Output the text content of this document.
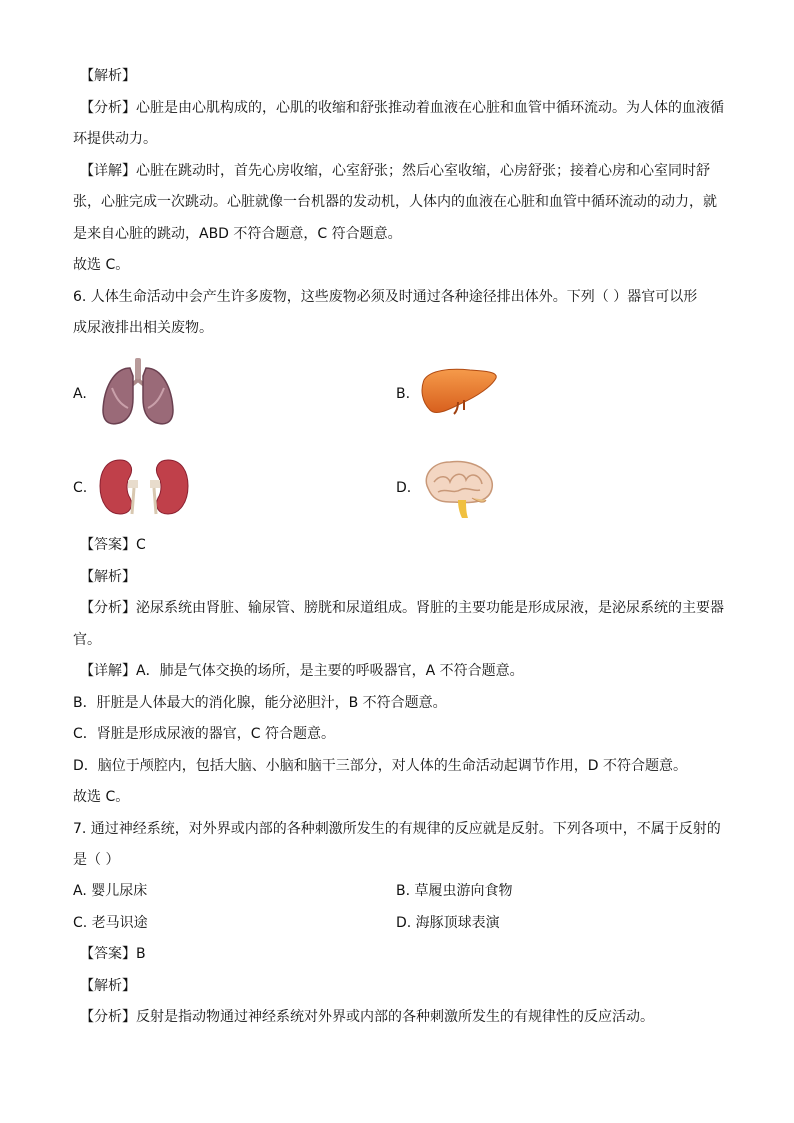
【解析】
【分析】心脏是由心肌构成的，心肌的收缩和舒张推动着血液在心脏和血管中循环流动。为人体的血液循
环提供动力。
【详解】心脏在跳动时，首先心房收缩，心室舒张；然后心室收缩，心房舒张；接着心房和心室同时舒
张，心脏完成一次跳动。心脏就像一台机器的发动机，人体内的血液在心脏和血管中循环流动的动力，就
是来自心脏的跳动，ABD 不符合题意，C 符合题意。
故选 C。
6. 人体生命活动中会产生许多废物，这些废物必须及时通过各种途径排出体外。下列（ ）器官可以形
成尿液排出相关废物。
A.	B.
C.	D.
【答案】C
【解析】
【分析】泌尿系统由肾脏、输尿管、膀胱和尿道组成。肾脏的主要功能是形成尿液，是泌尿系统的主要器
官。
【详解】A．肺是气体交换的场所，是主要的呼吸器官，A 不符合题意。
B．肝脏是人体最大的消化腺，能分泌胆汁，B 不符合题意。
C．肾脏是形成尿液的器官，C 符合题意。
D．脑位于颅腔内，包括大脑、小脑和脑干三部分，对人体的生命活动起调节作用，D 不符合题意。
故选 C。
7. 通过神经系统，对外界或内部的各种刺激所发生的有规律的反应就是反射。下列各项中，不属于反射的
是（ ）
A. 婴儿尿床	B. 草履虫游向食物
C. 老马识途	D. 海豚顶球表演
【答案】B
【解析】
【分析】反射是指动物通过神经系统对外界或内部的各种刺激所发生的有规律性的反应活动。
